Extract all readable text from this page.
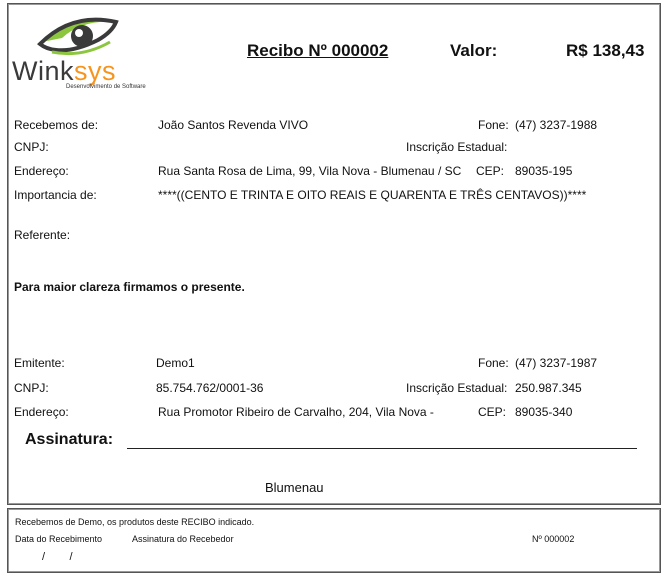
Winksys
Desenvolvimento de Software
Recibo Nº 000002	Valor:	R$ 138,43
Recebemos de:	João Santos Revenda VIVO	Fone: (47) 3237-1988
CNPJ:	Inscrição Estadual:
Endereço:	Rua Santa Rosa de Lima, 99, Vila Nova - Blumenau / SC CEP: 89035-195
Importancia de:	****((CENTO E TRINTA E OITO REAIS E QUARENTA E TRÊS CENTAVOS))****
Referente:
Para maior clareza firmamos o presente.
Emitente:	Demo1	Fone: (47) 3237-1987
CNPJ:	85.754.762/0001-36	Inscrição Estadual: 250.987.345
Endereço:	Rua Promotor Ribeiro de Carvalho, 204, Vila Nova -	CEP: 89035-340
Assinatura:
Blumenau
Recebemos de Demo, os produtos deste RECIBO indicado.
Data do Recebimento	Assinatura do Recebedor	Nº 000002
/        /
